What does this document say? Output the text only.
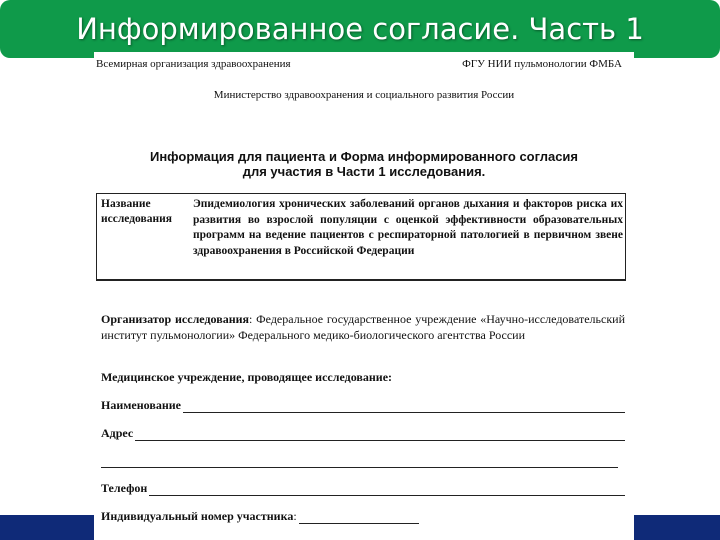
Информированное согласие. Часть 1
Всемирная организация здравоохранения	ФГУ НИИ пульмонологии ФМБА
Министерство здравоохранения и социального развития России
Информация для пациента и Форма информированного согласия
для участия в Части 1 исследования.
Название исследования
Эпидемиология хронических заболеваний органов дыхания и факторов риска их развития во взрослой популяции с оценкой эффективности образовательных программ на ведение пациентов с респираторной патологией в первичном звене здравоохранения в Российской Федерации
Организатор исследования: Федеральное государственное учреждение «Научно-исследовательский институт пульмонологии» Федерального медико-биологического агентства России
Медицинское учреждение, проводящее исследование:
Наименование
Адрес
Телефон
Индивидуальный номер участника :
